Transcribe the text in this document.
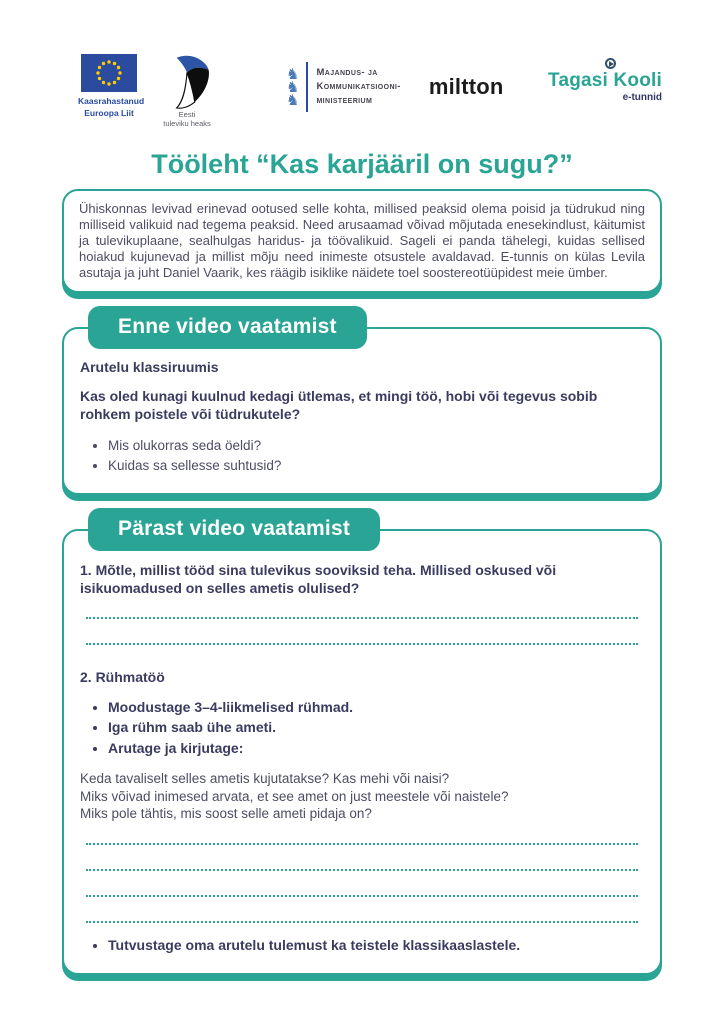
Kaasrahastanud
Euroopa Liit	Eesti
tuleviku heaks
♞
♞
♞
Majandus- ja
Kommunikatsiooni-
ministeerium
miltton Tagasi Kooli
e-tunnid
Tööleht “Kas karjääril on sugu?”

Ühiskonnas levivad erinevad ootused selle kohta, millised peaksid olema poisid ja tüdrukud ning milliseid valikuid nad tegema peaksid. Need arusaamad võivad mõjutada enesekindlust, käitumist ja tulevikuplaane, sealhulgas haridus- ja töövalikuid. Sageli ei panda tähelegi, kuidas sellised hoiakud kujunevad ja millist mõju need inimeste otsustele avaldavad. E-tunnis on külas Levila asutaja ja juht Daniel Vaarik, kes räägib isiklike näidete toel soostereotüüpidest meie ümber.

Enne video vaatamist

Arutelu klassiruumis

Kas oled kunagi kuulnud kedagi ütlemas, et mingi töö, hobi või tegevus sobib rohkem poistele või tüdrukutele?

• Mis olukorras seda öeldi?
• Kuidas sa sellesse suhtusid?
Pärast video vaatamist

1. Mõtle, millist tööd sina tulevikus sooviksid teha. Millised oskused või isikuomadused on selles ametis olulised?

2. Rühmatöö

• Moodustage 3–4-liikmelised rühmad.
• Iga rühm saab ühe ameti.
• Arutage ja kirjutage:

Keda tavaliselt selles ametis kujutatakse? Kas mehi või naisi?

Miks võivad inimesed arvata, et see amet on just meestele või naistele?

Miks pole tähtis, mis soost selle ameti pidaja on?

• Tutvustage oma arutelu tulemust ka teistele klassikaaslastele.
